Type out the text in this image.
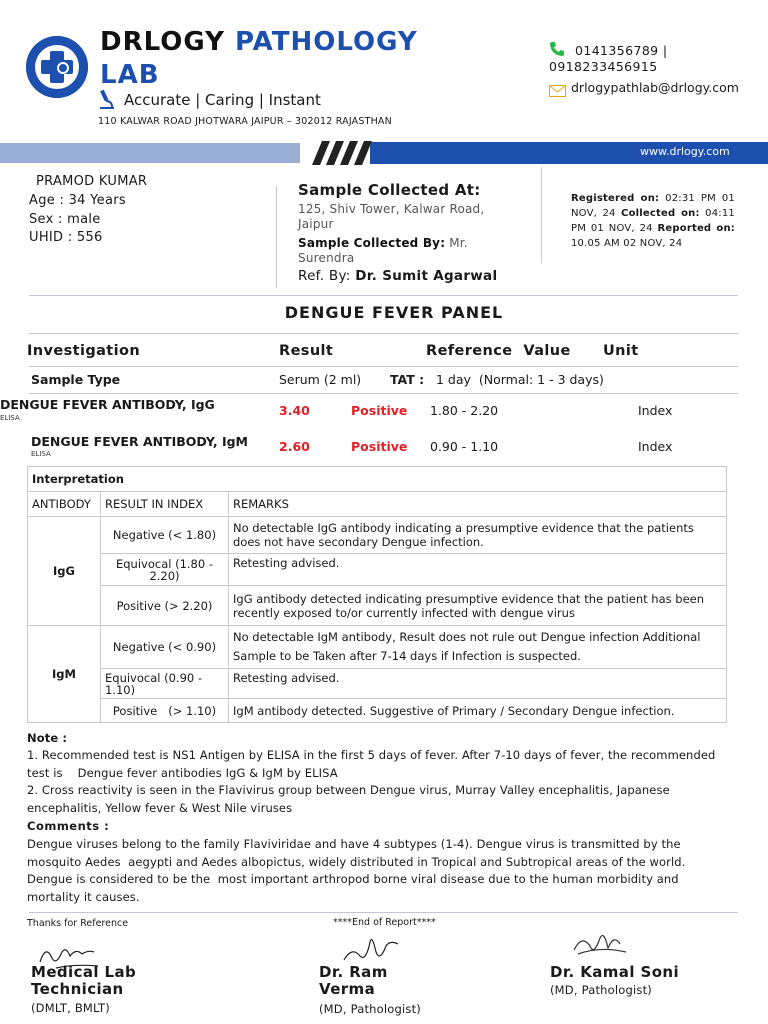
DRLOGY PATHOLOGY
LAB
Accurate | Caring | Instant
110 KALWAR ROAD JHOTWARA JAIPUR – 302012 RAJASTHAN
0141356789 |
0918233456915
drlogypathlab@drlogy.com
www.drlogy.com
PRAMOD KUMAR
Age : 34 Years
Sex : male
UHID : 556
Sample Collected At:
125, Shiv Tower, Kalwar Road, Jaipur
Sample Collected By: Mr. Surendra
Ref. By: Dr. Sumit Agarwal
Registered on: 02:31 PM 01 NOV, 24 Collected on: 04:11 PM 01 NOV, 24 Reported on: 10.05 AM 02 NOV, 24
DENGUE FEVER PANEL
Investigation	Result	Reference  Value Unit
Sample Type	Serum (2 ml) TAT : 1 day  (Normal: 1 - 3 days)
DENGUE FEVER ANTIBODY, IgG
ELISA	3.40	Positive 1.80 - 2.20	Index
DENGUE FEVER ANTIBODY, IgM
ELISA	2.60	Positive 0.90 - 1.10	Index
Interpretation		
ANTIBODY	RESULT IN INDEX	REMARKS
IgG	Negative (< 1.80)	No detectable IgG antibody indicating a presumptive evidence that the patients does not have secondary Dengue infection.
	Equivocal (1.80 - 2.20)	Retesting advised.
	Positive (> 2.20)	IgG antibody detected indicating presumptive evidence that the patient has been recently exposed to/or currently infected with dengue virus
IgM	Negative (< 0.90)	No detectable IgM antibody, Result does not rule out Dengue infection Additional Sample to be Taken after 7-14 days if Infection is suspected.
	Equivocal (0.90 - 1.10)	Retesting advised.
	Positive   (> 1.10)	IgM antibody detected. Suggestive of Primary / Secondary Dengue infection.
Note :
1. Recommended test is NS1 Antigen by ELISA in the first 5 days of fever. After 7-10 days of fever, the recommended test is    Dengue fever antibodies IgG & IgM by ELISA
2. Cross reactivity is seen in the Flavivirus group between Dengue virus, Murray Valley encephalitis, Japanese encephalitis, Yellow fever & West Nile viruses
Comments :
Dengue viruses belong to the family Flaviviridae and have 4 subtypes (1-4). Dengue virus is transmitted by the mosquito Aedes  aegypti and Aedes albopictus, widely distributed in Tropical and Subtropical areas of the world. Dengue is considered to be the  most important arthropod borne viral disease due to the human morbidity and mortality it causes.
Thanks for Reference	****End of Report****
Medical Lab Technician
(DMLT, BMLT)
Dr. Ram Verma
(MD, Pathologist)
Dr. Kamal Soni
(MD, Pathologist)
